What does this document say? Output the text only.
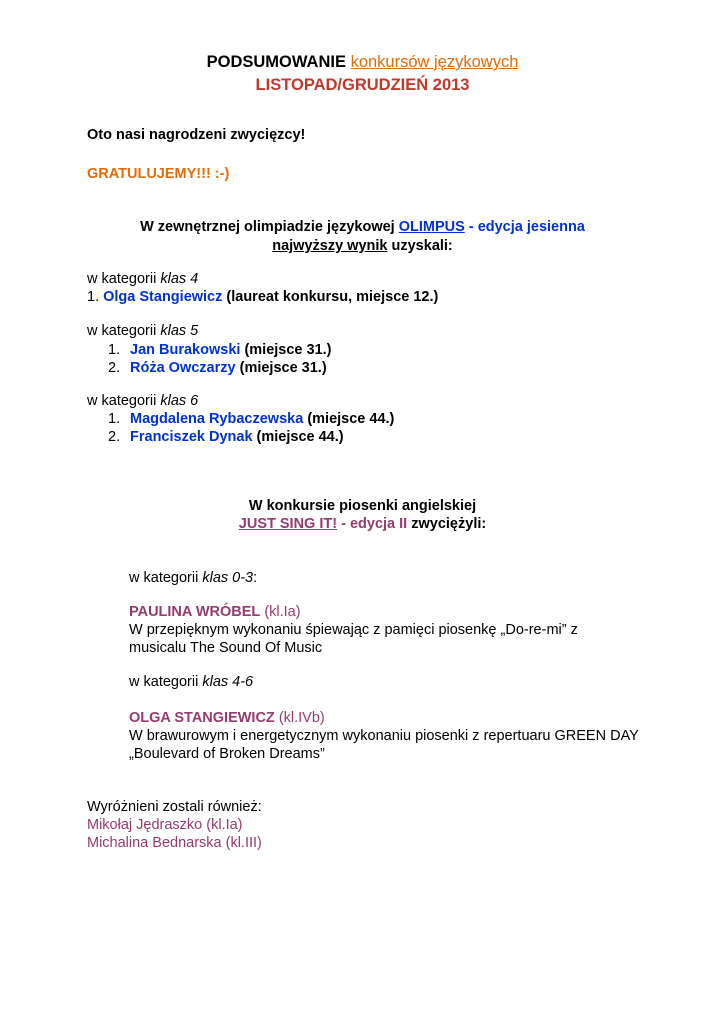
PODSUMOWANIE konkursów językowych
LISTOPAD/GRUDZIEŃ 2013
Oto nasi nagrodzeni zwycięzcy!
GRATULUJEMY!!! :-)
W zewnętrznej olimpiadzie językowej OLIMPUS - edycja jesienna
najwyższy wynik uzyskali:
w kategorii klas 4
1. Olga Stangiewicz (laureat konkursu, miejsce 12.)
w kategorii klas 5
1. Jan Burakowski (miejsce 31.)
2. Róża Owczarzy (miejsce 31.)
w kategorii klas 6
1. Magdalena Rybaczewska (miejsce 44.)
2. Franciszek Dynak (miejsce 44.)
W konkursie piosenki angielskiej
JUST SING IT! - edycja II zwyciężyli:
w kategorii klas 0-3:
PAULINA WRÓBEL (kl.Ia)
W przepięknym wykonaniu śpiewając z pamięci piosenkę „Do-re-mi” z
musicalu The Sound Of Music
w kategorii klas 4-6
OLGA STANGIEWICZ (kl.IVb)
W brawurowym i energetycznym wykonaniu piosenki z repertuaru GREEN DAY
„Boulevard of Broken Dreams”
Wyróżnieni zostali również:
Mikołaj Jędraszko (kl.Ia)
Michalina Bednarska (kl.III)
